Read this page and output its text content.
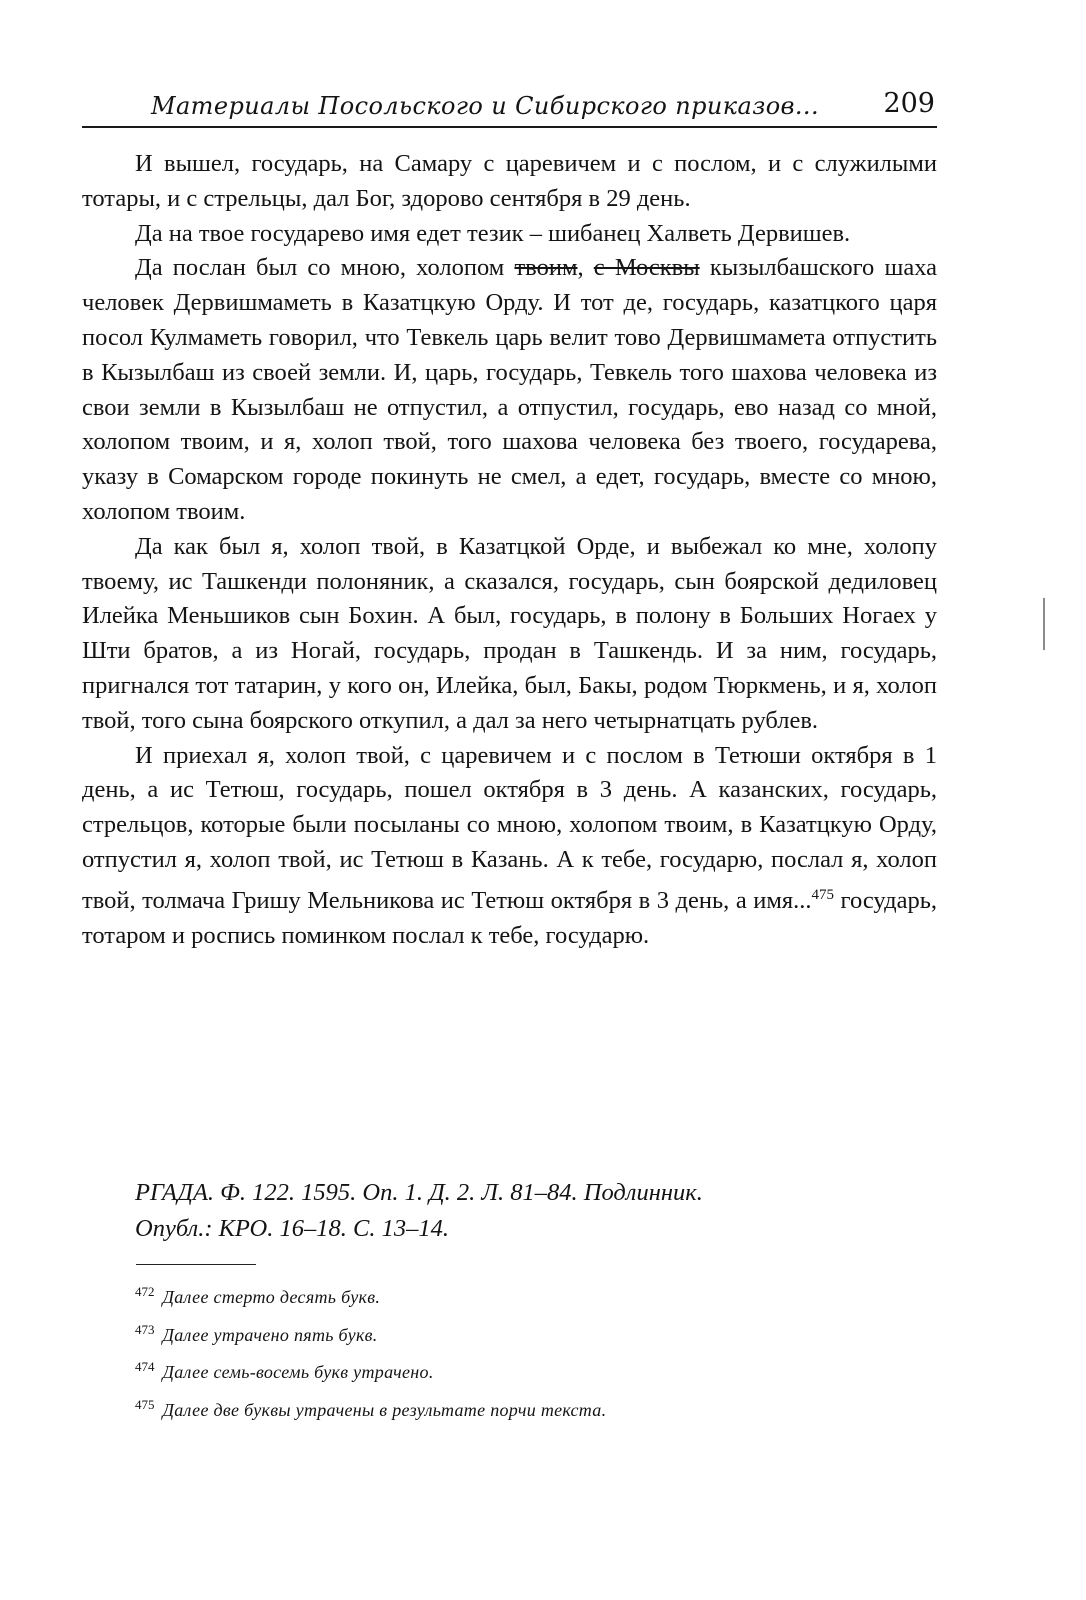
Материалы Посольского и Сибирского приказов... 209

И вышел, государь, на Самару с царевичем и с послом, и с служилыми тотары, и с стрельцы, дал Бог, здорово сентября в 29 день.

Да на твое государево имя едет тезик – шибанец Халветь Дервишев.

Да послан был со мною, холопом твоим, с Москвы кызылбашского шаха человек Дервишмаметь в Казатцкую Орду. И тот де, государь, казатцкого царя посол Кулмаметь говорил, что Тевкель царь велит тово Дервишмамета отпустить в Кызылбаш из своей земли. И, царь, государь, Тевкель того шахова человека из свои земли в Кызылбаш не отпустил, а отпустил, государь, ево назад со мной, холопом твоим, и я, холоп твой, того шахова человека без твоего, государева, указу в Сомарском городе покинуть не смел, а едет, государь, вместе со мною, холопом твоим.

Да как был я, холоп твой, в Казатцкой Орде, и выбежал ко мне, холопу твоему, ис Ташкенди полоняник, а сказался, государь, сын боярской дедиловец Илейка Меньшиков сын Бохин. А был, государь, в полону в Больших Ногаех у Шти братов, а из Ногай, государь, продан в Ташкендь. И за ним, государь, пригнался тот татарин, у кого он, Илейка, был, Бакы, родом Тюркмень, и я, холоп твой, того сына боярского откупил, а дал за него четырнатцать рублев.

И приехал я, холоп твой, с царевичем и с послом в Тетюши октября в 1 день, а ис Тетюш, государь, пошел октября в 3 день. А казанских, государь, стрельцов, которые были посыланы со мною, холопом твоим, в Казатцкую Орду, отпустил я, холоп твой, ис Тетюш в Казань. А к тебе, государю, послал я, холоп твой, толмача Гришу Мельникова ис Тетюш октября в 3 день, а имя...$^{475}$ государь, тотаром и роспись поминком послал к тебе, государю.

РГАДА. Ф. 122. 1595. Оп. 1. Д. 2. Л. 81–84. Подлинник.
Опубл.: КРО. 16–18. С. 13–14.
$^{472}$ Далее стерто десять букв.
$^{473}$ Далее утрачено пять букв.
$^{474}$ Далее семь-восемь букв утрачено.
$^{475}$ Далее две буквы утрачены в результате порчи текста.
